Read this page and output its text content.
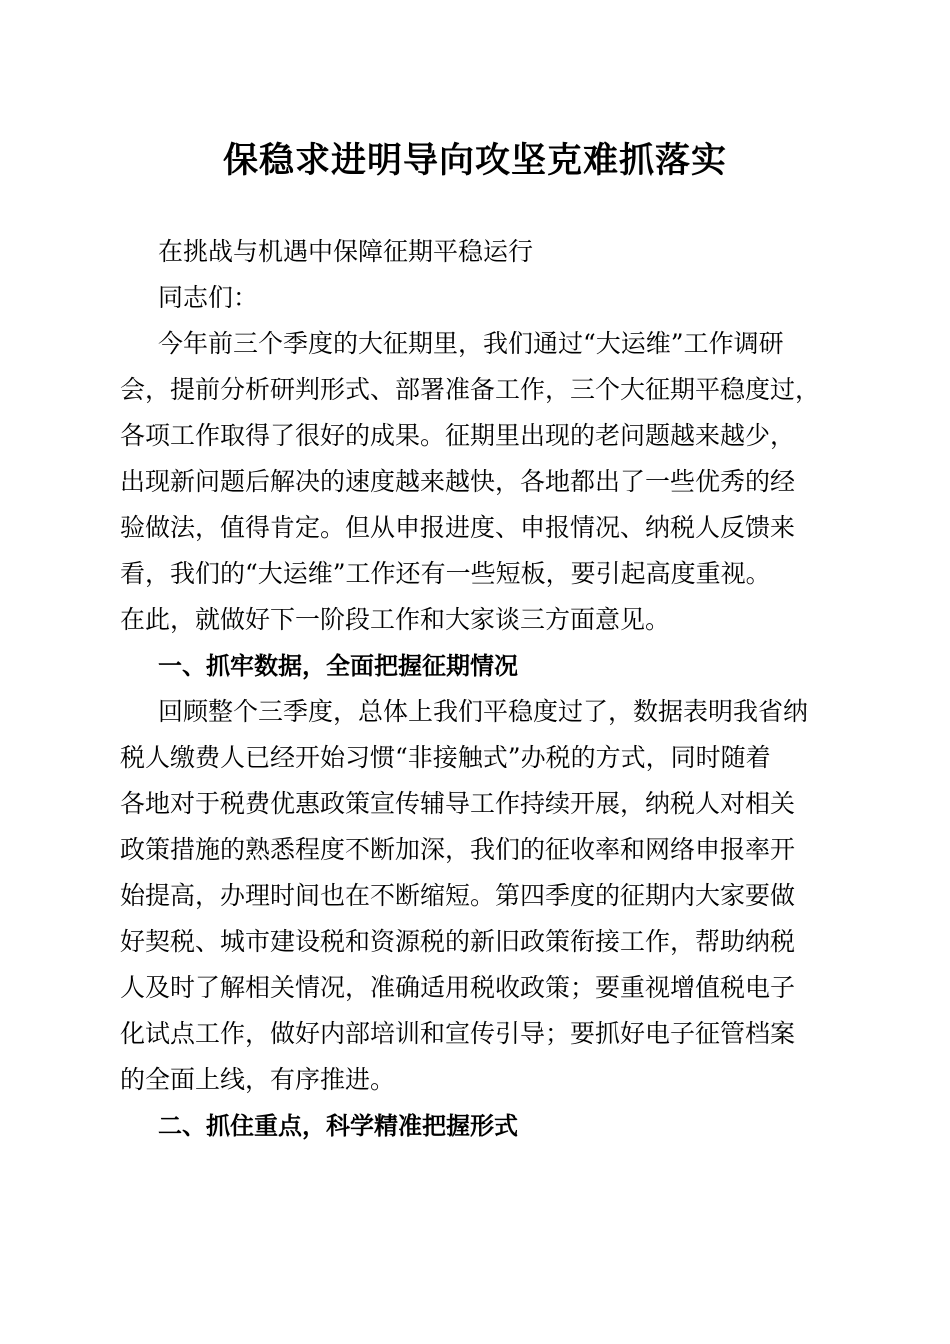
保稳求进明导向攻坚克难抓落实
在挑战与机遇中保障征期平稳运行
同志们：
今年前三个季度的大征期里，我们通过“大运维”工作调研
会，提前分析研判形式、部署准备工作，三个大征期平稳度过，
各项工作取得了很好的成果。征期里出现的老问题越来越少，
出现新问题后解决的速度越来越快，各地都出了一些优秀的经
验做法，值得肯定。但从申报进度、申报情况、纳税人反馈来
看，我们的“大运维”工作还有一些短板，要引起高度重视。
在此，就做好下一阶段工作和大家谈三方面意见。
一、抓牢数据，全面把握征期情况
回顾整个三季度，总体上我们平稳度过了，数据表明我省纳
税人缴费人已经开始习惯“非接触式”办税的方式，同时随着
各地对于税费优惠政策宣传辅导工作持续开展，纳税人对相关
政策措施的熟悉程度不断加深，我们的征收率和网络申报率开
始提高，办理时间也在不断缩短。第四季度的征期内大家要做
好契税、城市建设税和资源税的新旧政策衔接工作，帮助纳税
人及时了解相关情况，准确适用税收政策；要重视增值税电子
化试点工作，做好内部培训和宣传引导；要抓好电子征管档案
的全面上线，有序推进。
二、抓住重点，科学精准把握形式
